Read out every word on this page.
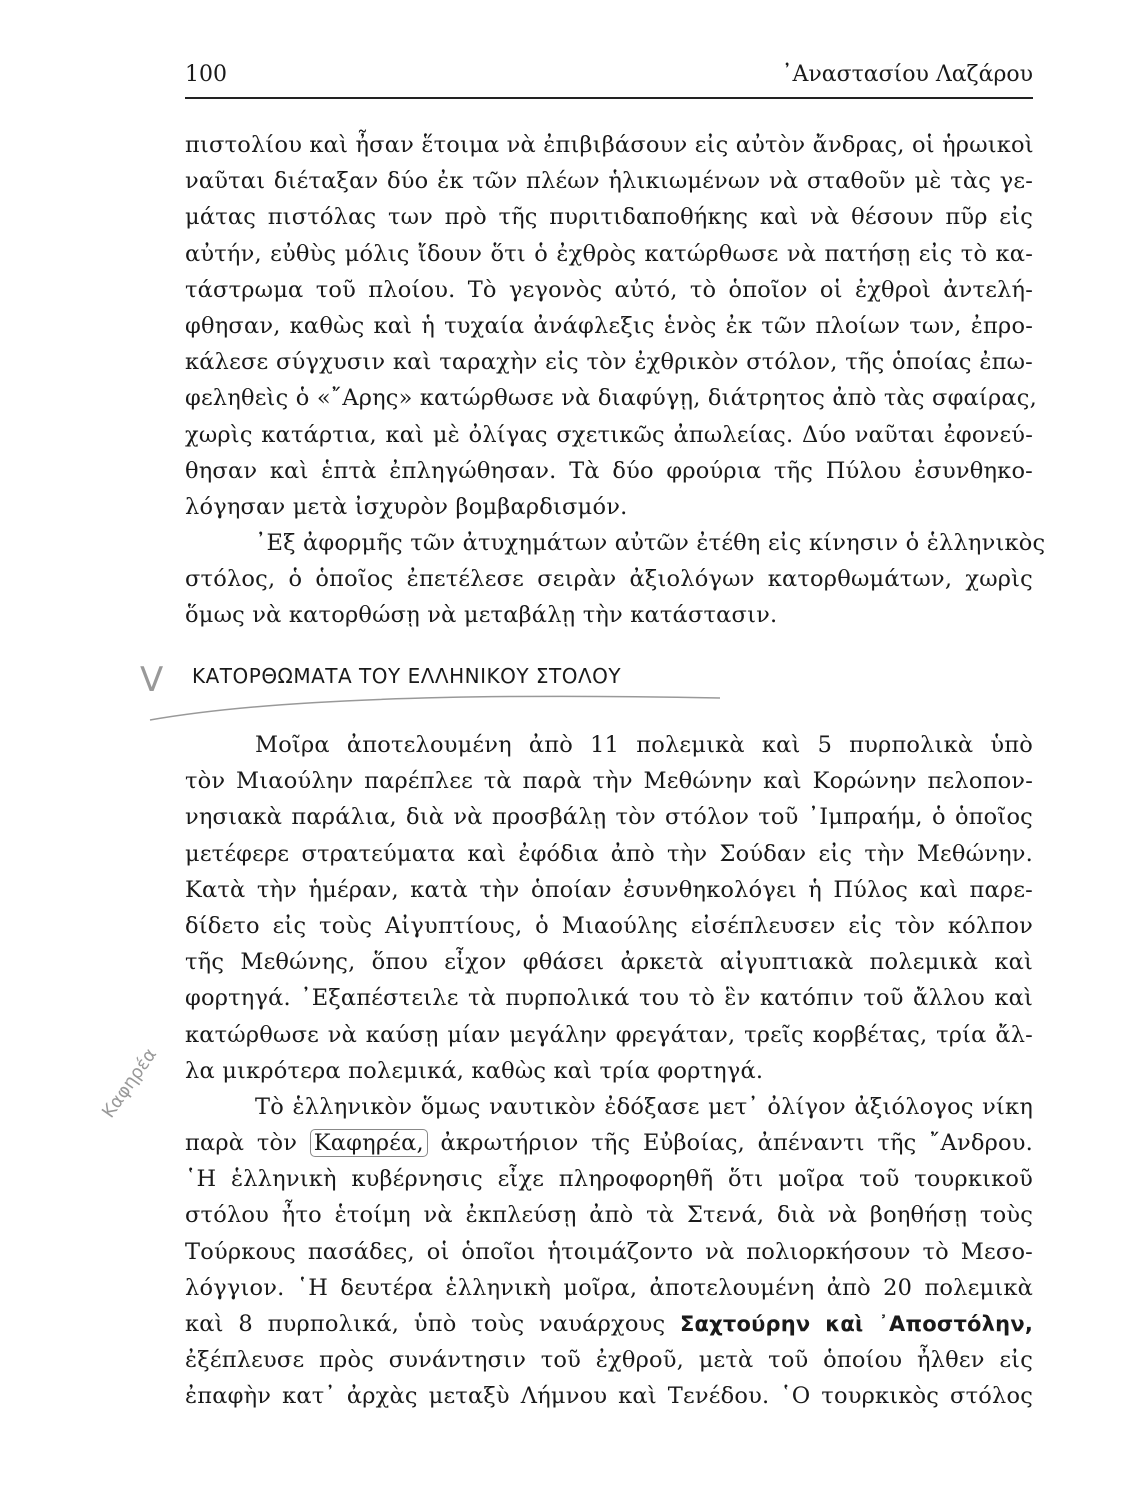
100	᾽Αναστασίου Λαζάρου
πιστολίου καὶ ἦσαν ἕτοιμα νὰ ἐπιβιβάσουν εἰς αὐτὸν ἄνδρας, οἱ ἡρωικοὶ
ναῦται διέταξαν δύο ἐκ τῶν πλέων ἡλικιωμένων νὰ σταθοῦν μὲ τὰς γε-
μάτας πιστόλας των πρὸ τῆς πυριτιδαποθήκης καὶ νὰ θέσουν πῦρ εἰς
αὐτήν, εὐθὺς μόλις ἴδουν ὅτι ὁ ἐχθρὸς κατώρθωσε νὰ πατήσῃ εἰς τὸ κα-
τάστρωμα τοῦ πλοίου. Τὸ γεγονὸς αὐτό, τὸ ὁποῖον οἱ ἐχθροὶ ἀντελή-
φθησαν, καθὼς καὶ ἡ τυχαία ἀνάφλεξις ἑνὸς ἐκ τῶν πλοίων των, ἐπρο-
κάλεσε σύγχυσιν καὶ ταραχὴν εἰς τὸν ἐχθρικὸν στόλον, τῆς ὁποίας ἐπω-
φεληθεὶς ὁ «῎Αρης» κατώρθωσε νὰ διαφύγῃ, διάτρητος ἀπὸ τὰς σφαίρας,
χωρὶς κατάρτια, καὶ μὲ ὀλίγας σχετικῶς ἀπωλείας. Δύο ναῦται ἐφονεύ-
θησαν καὶ ἑπτὰ ἐπληγώθησαν. Τὰ δύο φρούρια τῆς Πύλου ἐσυνθηκο-
λόγησαν μετὰ ἰσχυρὸν βομβαρδισμόν.
᾽Εξ ἀφορμῆς τῶν ἀτυχημάτων αὐτῶν ἐτέθη εἰς κίνησιν ὁ ἑλληνικὸς
στόλος, ὁ ὁποῖος ἐπετέλεσε σειρὰν ἀξιολόγων κατορθωμάτων, χωρὶς
ὅμως νὰ κατορθώσῃ νὰ μεταβάλῃ τὴν κατάστασιν.
V ΚΑΤΟΡΘΩΜΑΤΑ ΤΟΥ ΕΛΛΗΝΙΚΟΥ ΣΤΟΛΟΥ
Μοῖρα ἀποτελουμένη ἀπὸ 11 πολεμικὰ καὶ 5 πυρπολικὰ ὑπὸ
τὸν Μιαούλην παρέπλεε τὰ παρὰ τὴν Μεθώνην καὶ Κορώνην πελοπον-
νησιακὰ παράλια, διὰ νὰ προσβάλῃ τὸν στόλον τοῦ ᾽Ιμπραήμ, ὁ ὁποῖος
μετέφερε στρατεύματα καὶ ἐφόδια ἀπὸ τὴν Σούδαν εἰς τὴν Μεθώνην.
Κατὰ τὴν ἡμέραν, κατὰ τὴν ὁποίαν ἐσυνθηκολόγει ἡ Πύλος καὶ παρε-
δίδετο εἰς τοὺς Αἰγυπτίους, ὁ Μιαούλης εἰσέπλευσεν εἰς τὸν κόλπον
τῆς Μεθώνης, ὅπου εἶχον φθάσει ἀρκετὰ αἰγυπτιακὰ πολεμικὰ καὶ
φορτηγά. ᾽Εξαπέστειλε τὰ πυρπολικά του τὸ ἓν κατόπιν τοῦ ἄλλου καὶ
κατώρθωσε νὰ καύσῃ μίαν μεγάλην φρεγάταν, τρεῖς κορβέτας, τρία ἄλ-
λα μικρότερα πολεμικά, καθὼς καὶ τρία φορτηγά.
Τὸ ἑλληνικὸν ὅμως ναυτικὸν ἐδόξασε μετ᾽ ὀλίγον ἀξιόλογος νίκη
παρὰ τὸν Καφηρέα, ἀκρωτήριον τῆς Εὐβοίας, ἀπέναντι τῆς ῎Ανδρου.
῾Η ἑλληνικὴ κυβέρνησις εἶχε πληροφορηθῆ ὅτι μοῖρα τοῦ τουρκικοῦ
στόλου ἦτο ἑτοίμη νὰ ἐκπλεύσῃ ἀπὸ τὰ Στενά, διὰ νὰ βοηθήσῃ τοὺς
Τούρκους πασάδες, οἱ ὁποῖοι ἡτοιμάζοντο νὰ πολιορκήσουν τὸ Μεσο-
λόγγιον. ῾Η δευτέρα ἑλληνικὴ μοῖρα, ἀποτελουμένη ἀπὸ 20 πολεμικὰ
καὶ 8 πυρπολικά, ὑπὸ τοὺς ναυάρχους Σαχτούρην καὶ ᾽Αποστόλην,
ἐξέπλευσε πρὸς συνάντησιν τοῦ ἐχθροῦ, μετὰ τοῦ ὁποίου ἦλθεν εἰς
ἐπαφὴν κατ᾽ ἀρχὰς μεταξὺ Λήμνου καὶ Τενέδου. ῾Ο τουρκικὸς στόλος
Καφηρέα
